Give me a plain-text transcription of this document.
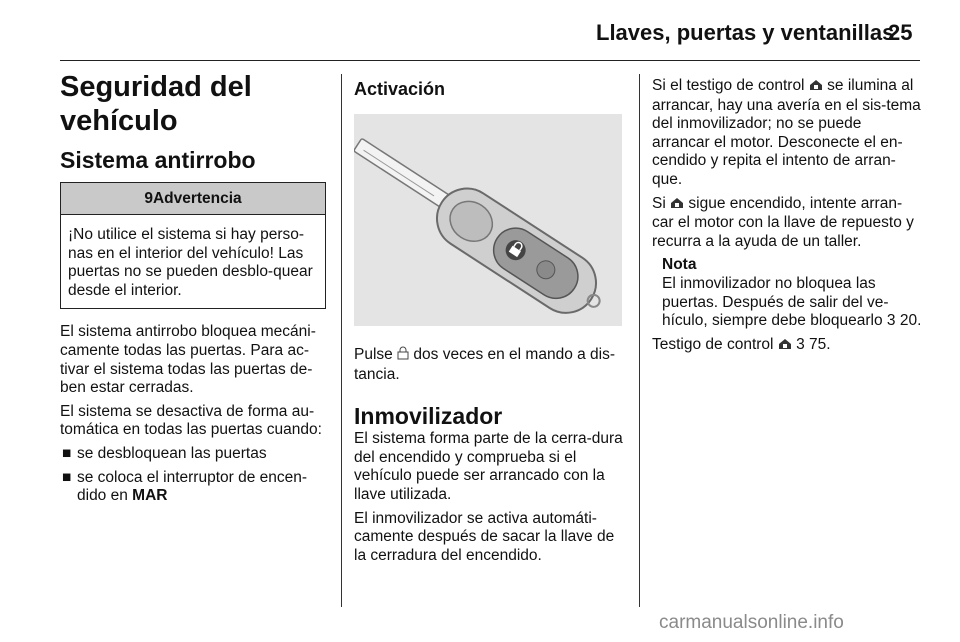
Llaves, puertas y ventanillas
25
Seguridad del vehículo
Sistema antirrobo
9Advertencia
¡No utilice el sistema si hay perso-nas en el interior del vehículo! Las puertas no se pueden desblo-quear desde el interior.

El sistema antirrobo bloquea mecáni-camente todas las puertas. Para ac-tivar el sistema todas las puertas de-ben estar cerradas.

El sistema se desactiva de forma au-tomática en todas las puertas cuando:

■ se desbloquean las puertas
■ se coloca el interruptor de encen-dido en MAR
Activación

Pulse dos veces en el mando a dis-tancia.

Inmovilizador

El sistema forma parte de la cerra-dura del encendido y comprueba si el vehículo puede ser arrancado con la llave utilizada.

El inmovilizador se activa automáti-camente después de sacar la llave de la cerradura del encendido.

Si el testigo de control se ilumina al arrancar, hay una avería en el sis-tema del inmovilizador; no se puede arrancar el motor. Desconecte el en-cendido y repita el intento de arran-que.

Si sigue encendido, intente arran-car el motor con la llave de repuesto y recurra a la ayuda de un taller.

Nota
El inmovilizador no bloquea las puertas. Después de salir del ve-hículo, siempre debe bloquearlo 3 20.

Testigo de control 3 75.

carmanualsonline.info
